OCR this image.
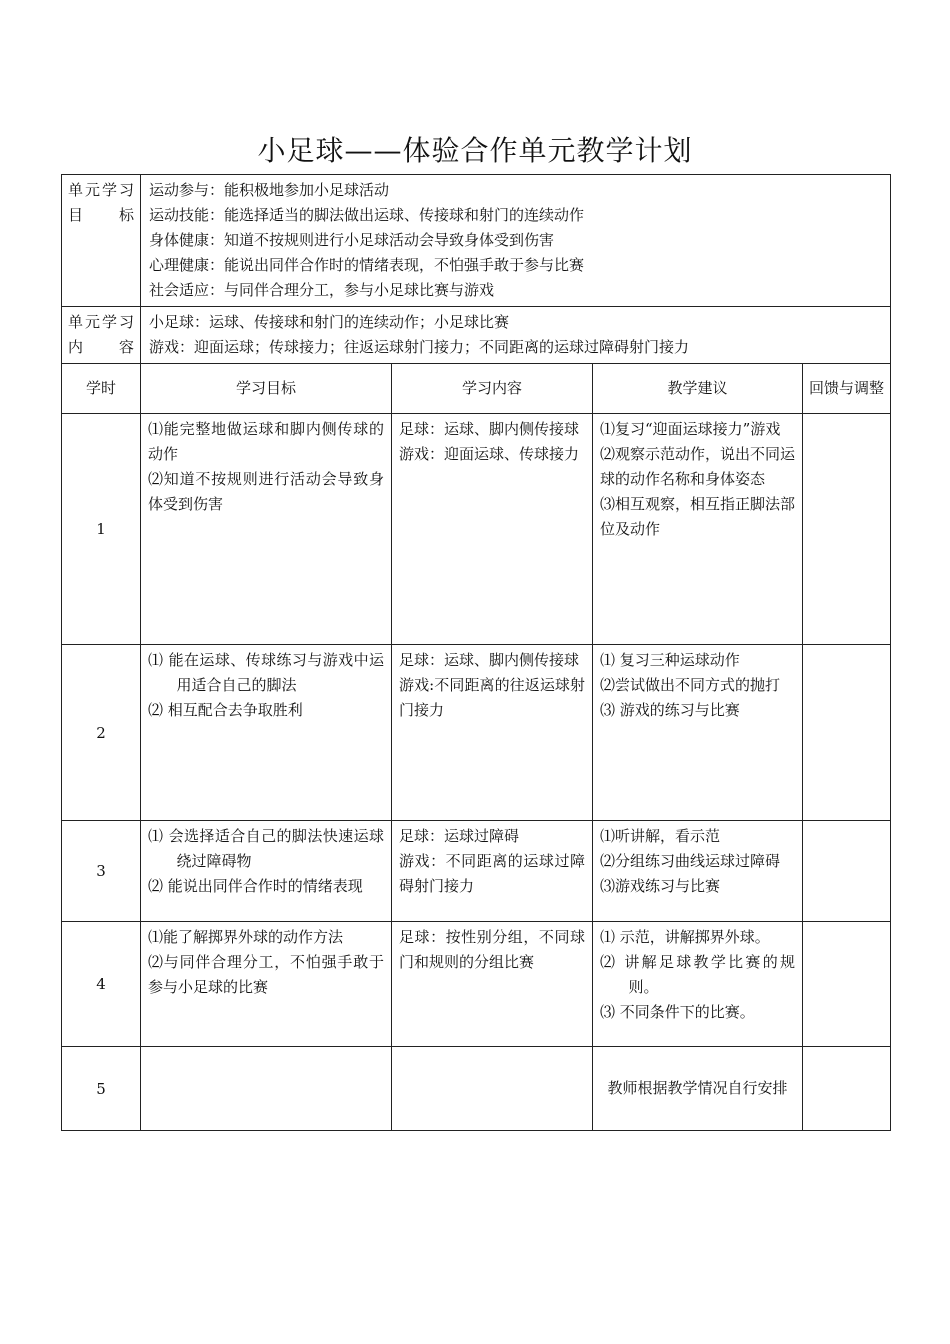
小足球——体验合作单元教学计划
单元学习目标	运动参与：能积极地参加小足球活动
运动技能：能选择适当的脚法做出运球、传接球和射门的连续动作
身体健康：知道不按规则进行小足球活动会导致身体受到伤害
心理健康：能说出同伴合作时的情绪表现，不怕强手敢于参与比赛
社会适应：与同伴合理分工，参与小足球比赛与游戏			

单元学习内容	小足球：运球、传接球和射门的连续动作；小足球比赛
游戏：迎面运球；传球接力；往返运球射门接力；不同距离的运球过障碍射门接力			

学时	学习目标	学习内容	教学建议	回馈与调整
1	⑴能完整地做运球和脚内侧传球的动作
⑵知道不按规则进行活动会导致身体受到伤害	足球：运球、脚内侧传接球
游戏：迎面运球、传球接力	⑴复习“迎面运球接力”游戏
⑵观察示范动作，说出不同运球的动作名称和身体姿态
⑶相互观察，相互指正脚法部位及动作	

2	⑴ 能在运球、传球练习与游戏中运用适合自己的脚法
⑵ 相互配合去争取胜利	足球：运球、脚内侧传接球
游戏:不同距离的往返运球射门接力	⑴ 复习三种运球动作
⑵尝试做出不同方式的抛打
⑶ 游戏的练习与比赛	

3	⑴ 会选择适合自己的脚法快速运球绕过障碍物
⑵ 能说出同伴合作时的情绪表现	足球：运球过障碍
游戏：不同距离的运球过障碍射门接力	⑴听讲解，看示范
⑵分组练习曲线运球过障碍
⑶游戏练习与比赛	

4	⑴能了解掷界外球的动作方法
⑵与同伴合理分工，不怕强手敢于参与小足球的比赛	足球：按性别分组，不同球门和规则的分组比赛	⑴ 示范，讲解掷界外球。
⑵ 讲解足球教学比赛的规则。
⑶ 不同条件下的比赛。	

5			教师根据教学情况自行安排	
